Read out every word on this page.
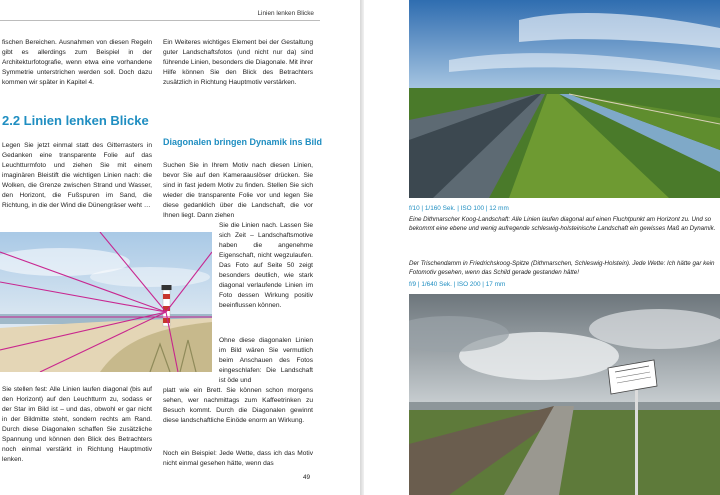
Linien lenken Blicke

fischen Bereichen. Ausnahmen von diesen Regeln gibt es allerdings zum Beispiel in der Architekturfotografie, wenn etwa eine vorhandene Symmetrie unterstrichen werden soll. Doch dazu kommen wir später in Kapitel 4.

Ein Weiteres wichtiges Element bei der Gestaltung guter Landschaftsfotos (und nicht nur da) sind führende Linien, besonders die Diagonale. Mit ihrer Hilfe können Sie den Blick des Betrachters zusätzlich in Richtung Hauptmotiv verstärken.

2.2 Linien lenken Blicke

Legen Sie jetzt einmal statt des Gitterrasters in Gedanken eine transparente Folie auf das Leuchtturmfoto und ziehen Sie mit einem imaginären Bleistift die wichtigen Linien nach: die Wolken, die Grenze zwischen Strand und Wasser, den Horizont, die Fußspuren im Sand, die Richtung, in die der Wind die Dünengräser weht …

Diagonalen bringen Dynamik ins Bild

Suchen Sie in Ihrem Motiv nach diesen Linien, bevor Sie auf den Kameraauslöser drücken. Sie sind in fast jedem Motiv zu finden. Stellen Sie sich wieder die transparente Folie vor und legen Sie diese gedanklich über die Landschaft, die vor Ihnen liegt. Dann ziehen

Sie die Linien nach. Lassen Sie sich Zeit – Landschaftsmotive haben die angenehme Eigenschaft, nicht wegzulaufen. Das Foto auf Seite 50 zeigt besonders deutlich, wie stark diagonal verlaufende Linien im Foto dessen Wirkung positiv beeinflussen können.

Ohne diese diagonalen Linien im Bild wären Sie vermutlich beim Anschauen des Fotos eingeschlafen: Die Landschaft ist öde und

platt wie ein Brett. Sie können schon morgens sehen, wer nachmittags zum Kaffeetrinken zu Besuch kommt. Durch die Diagonalen gewinnt diese landschaftliche Einöde enorm an Wirkung.

Noch ein Beispiel: Jede Wette, dass ich das Motiv nicht einmal gesehen hätte, wenn das

Sie stellen fest: Alle Linien laufen diagonal (bis auf den Horizont) auf den Leuchtturm zu, sodass er der Star im Bild ist – und das, obwohl er gar nicht in der Bildmitte steht, sondern rechts am Rand. Durch diese Diagonalen schaffen Sie zusätzliche Spannung und können den Blick des Betrachters noch einmal verstärkt in Richtung Hauptmotiv lenken.

49
f/10 | 1/160 Sek. | ISO 100 | 12 mm

Eine Dithmarscher Koog-Landschaft: Alle Linien laufen diagonal auf einen Fluchtpunkt am Horizont zu. Und so bekommt eine ebene und wenig aufregende schleswig-holsteinische Landschaft ein gewisses Maß an Dynamik.

Der Trischendamm in Friedrichskoog-Spitze (Dithmarschen, Schleswig-Holstein). Jede Wette: Ich hätte gar kein Fotomotiv gesehen, wenn das Schild gerade gestanden hätte!

f/9 | 1/640 Sek. | ISO 200 | 17 mm
